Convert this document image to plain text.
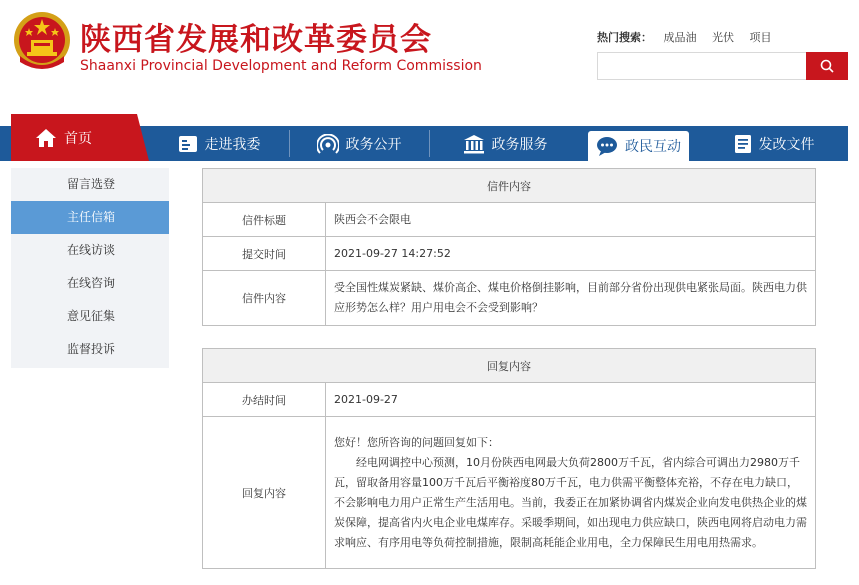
陕西省发展和改革委员会
Shaanxi Provincial Development and Reform Commission
热门搜索： 成品油 光伏 项目
首页	走进我委	政务公开	政务服务	政民互动	发改文件
留言选登
主任信箱
在线访谈
在线咨询
意见征集
监督投诉
信件内容	
信件标题	陕西会不会限电
提交时间	2021-09-27 14:27:52
信件内容	受全国性煤炭紧缺、煤价高企、煤电价格倒挂影响，目前部分省份出现供电紧张局面。陕西电力供应形势怎么样？用户用电会不会受到影响？
回复内容	
办结时间	2021-09-27
回复内容	您好！您所咨询的问题回复如下：

经电网调控中心预测，10月份陕西电网最大负荷2800万千瓦，省内综合可调出力2980万千瓦，留取备用容量100万千瓦后平衡裕度80万千瓦，电力供需平衡整体充裕，不存在电力缺口，不会影响电力用户正常生产生活用电。当前，我委正在加紧协调省内煤炭企业向发电供热企业的煤炭保障，提高省内火电企业电煤库存。采暖季期间，如出现电力供应缺口，陕西电网将启动电力需求响应、有序用电等负荷控制措施，限制高耗能企业用电，全力保障民生用电用热需求。
